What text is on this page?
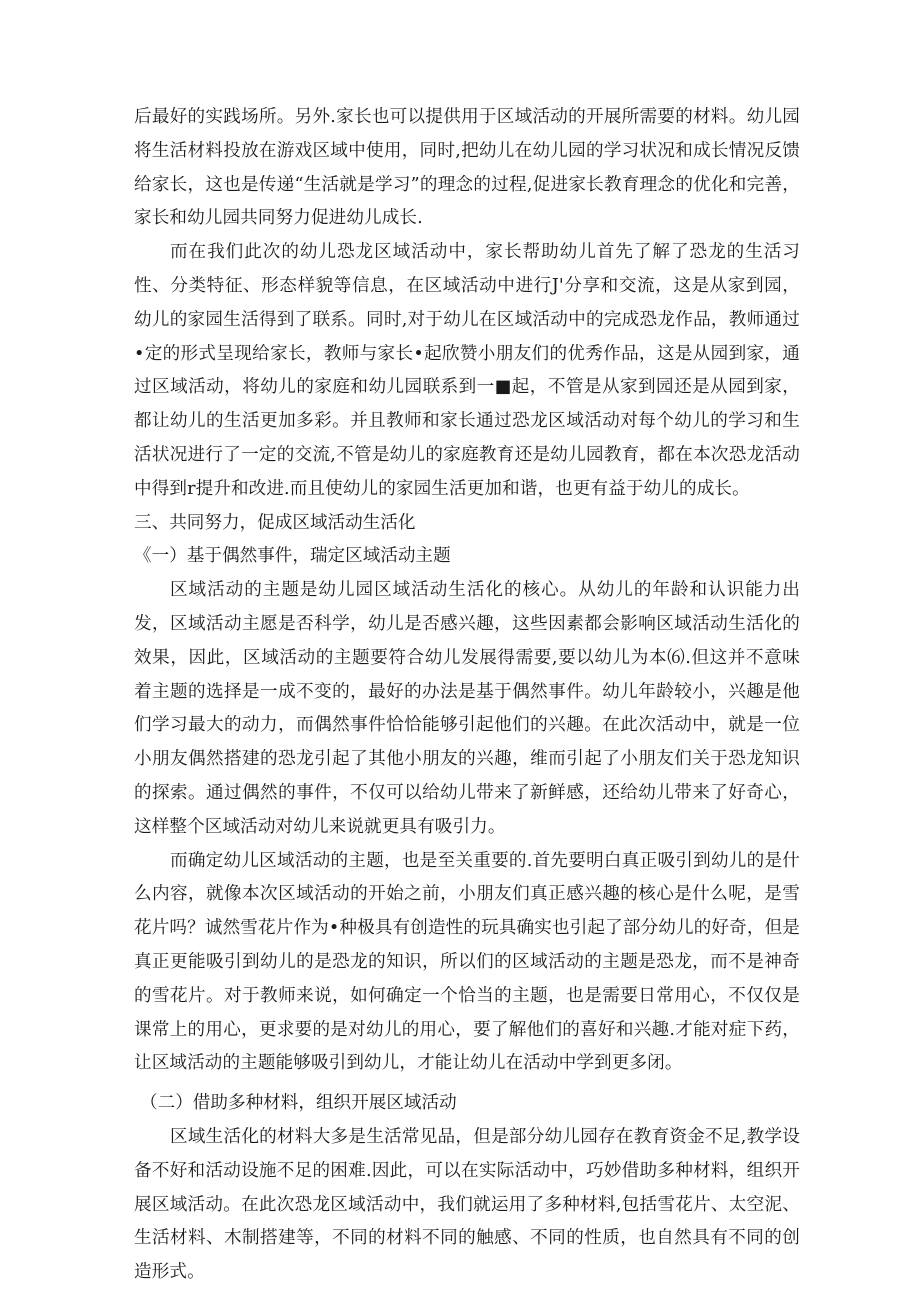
后最好的实践场所。另外.家长也可以提供用于区域活动的开展所需要的材料。幼儿园将生活材料投放在游戏区域中使用，同时,把幼儿在幼儿园的学习状况和成长情况反馈给家长，这也是传递“生活就是学习”的理念的过程,促进家长教育理念的优化和完善，家长和幼儿园共同努力促进幼儿成长.

而在我们此次的幼儿恐龙区域活动中，家长帮助幼儿首先了解了恐龙的生活习性、分类特征、形态样貌等信息，在区域活动中进行J'分享和交流，这是从家到园，幼儿的家园生活得到了联系。同时,对于幼儿在区域活动中的完成恐龙作品，教师通过•定的形式呈现给家长，教师与家长•起欣赞小朋友们的优秀作品，这是从园到家，通过区域活动，将幼儿的家庭和幼儿园联系到一■起，不管是从家到园还是从园到家，都让幼儿的生活更加多彩。并且教师和家长通过恐龙区域活动对每个幼儿的学习和生活状况进行了一定的交流,不管是幼儿的家庭教育还是幼儿园教育，都在本次恐龙活动中得到r提升和改进.而且使幼儿的家园生活更加和谐，也更有益于幼儿的成长。

三、共同努力，促成区域活动生活化

《一）基于偶然事件，瑞定区域活动主题

区域活动的主题是幼儿园区域活动生活化的核心。从幼儿的年龄和认识能力出发，区域活动主愿是否科学，幼儿是否感兴趣，这些因素都会影响区域活动生活化的效果，因此，区域活动的主题要符合幼儿发展得需要,要以幼儿为本⑹.但这并不意味着主题的选择是一成不变的，最好的办法是基于偶然事件。幼儿年龄较小，兴趣是他们学习最大的动力，而偶然事件恰恰能够引起他们的兴趣。在此次活动中，就是一位小朋友偶然搭建的恐龙引起了其他小朋友的兴趣，维而引起了小朋友们关于恐龙知识的探索。通过偶然的事件，不仅可以给幼儿带来了新鲜感，还给幼儿带来了好奇心，这样整个区域活动对幼儿来说就更具有吸引力。

而确定幼儿区域活动的主题，也是至关重要的.首先要明白真正吸引到幼儿的是什么内容，就像本次区域活动的开始之前，小朋友们真正感兴趣的核心是什么呢，是雪花片吗？诚然雪花片作为•种极具有创造性的玩具确实也引起了部分幼儿的好奇，但是真正更能吸引到幼儿的是恐龙的知识，所以们的区域活动的主题是恐龙，而不是神奇的雪花片。对于教师来说，如何确定一个恰当的主题，也是需要日常用心，不仅仅是课常上的用心，更求要的是对幼儿的用心，要了解他们的喜好和兴趣.才能对症下药，让区域活动的主题能够吸引到幼儿，才能让幼儿在活动中学到更多闭。

（二）借助多种材料，组织开展区域活动

区域生活化的材料大多是生活常见品，但是部分幼儿园存在教育资金不足,教学设备不好和活动设施不足的困难.因此，可以在实际活动中，巧妙借助多种材料，组织开展区域活动。在此次恐龙区域活动中，我们就运用了多种材料,包括雪花片、太空泥、生活材料、木制搭建等，不同的材料不同的触感、不同的性质，也自然具有不同的创造形式。
